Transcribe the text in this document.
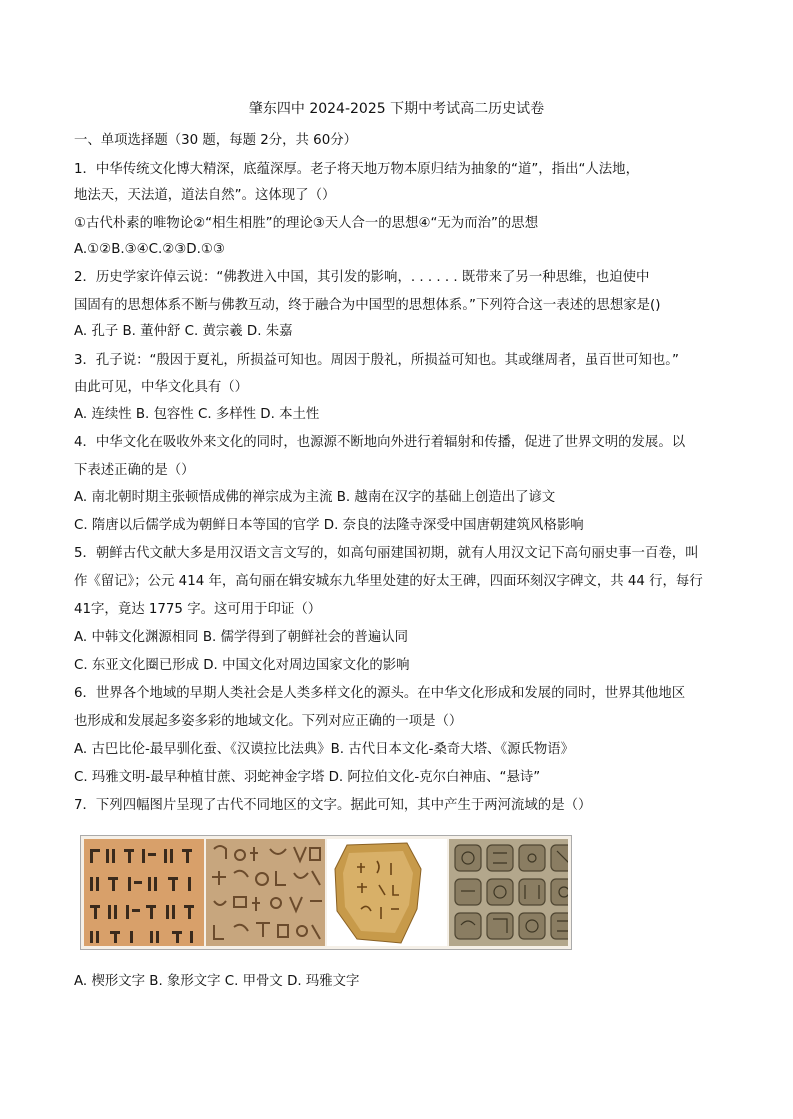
肇东四中 2024-2025 下期中考试高二历史试卷
一、单项选择题（30 题，每题 2分，共 60分）
1．中华传统文化博大精深，底蕴深厚。老子将天地万物本原归结为抽象的“道”，指出“人法地，
地法天，天法道，道法自然”。这体现了（）
①古代朴素的唯物论②“相生相胜”的理论③天人合一的思想④“无为而治”的思想
A.①②B.③④C.②③D.①③
2．历史学家许倬云说：“佛教进入中国，其引发的影响，. . . . . . 既带来了另一种思维，也迫使中
国固有的思想体系不断与佛教互动，终于融合为中国型的思想体系。”下列符合这一表述的思想家是()
A. 孔子 B. 董仲舒 C. 黄宗羲 D. 朱嘉
3．孔子说：“殷因于夏礼，所损益可知也。周因于殷礼，所损益可知也。其或继周者，虽百世可知也。”
由此可见，中华文化具有（）
A. 连续性 B. 包容性 C. 多样性 D. 本土性
4．中华文化在吸收外来文化的同时，也源源不断地向外进行着辐射和传播，促进了世界文明的发展。以
下表述正确的是（）
A. 南北朝时期主张顿悟成佛的禅宗成为主流 B. 越南在汉字的基础上创造出了谚文
C. 隋唐以后儒学成为朝鲜日本等国的官学 D. 奈良的法隆寺深受中国唐朝建筑风格影响
5．朝鲜古代文献大多是用汉语文言文写的，如高句丽建国初期，就有人用汉文记下高句丽史事一百卷，叫
作《留记》；公元 414 年，高句丽在辑安城东九华里处建的好太王碑，四面环刻汉字碑文，共 44 行，每行
41字，竟达 1775 字。这可用于印证（）
A. 中韩文化渊源相同 B. 儒学得到了朝鲜社会的普遍认同
C. 东亚文化圈已形成 D. 中国文化对周边国家文化的影响
6．世界各个地域的早期人类社会是人类多样文化的源头。在中华文化形成和发展的同时，世界其他地区
也形成和发展起多姿多彩的地域文化。下列对应正确的一项是（）
A. 古巴比伦-最早驯化蚕、《汉谟拉比法典》B. 古代日本文化-桑奇大塔、《源氏物语》
C. 玛雅文明-最早种植甘蔗、羽蛇神金字塔 D. 阿拉伯文化-克尔白神庙、“悬诗”
7．下列四幅图片呈现了古代不同地区的文字。据此可知，其中产生于两河流域的是（）
A. 楔形文字 B. 象形文字 C. 甲骨文 D. 玛雅文字
